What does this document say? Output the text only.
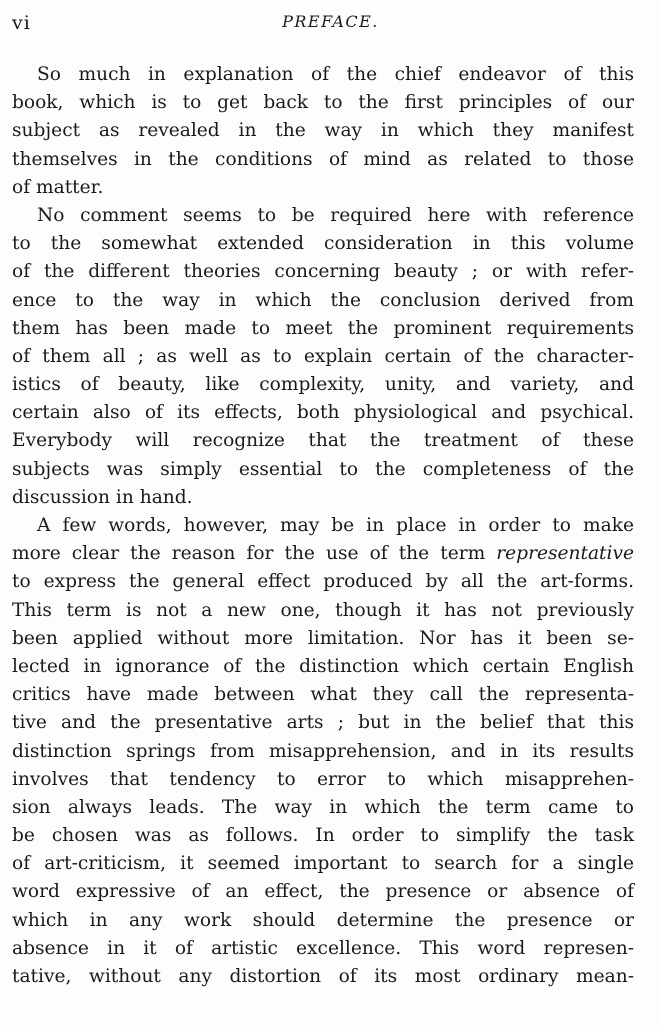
vi	PREFACE.
So much in explanation of the chief endeavor of this
book, which is to get back to the first principles of our
subject as revealed in the way in which they manifest
themselves in the conditions of mind as related to those
of matter.
No comment seems to be required here with reference
to the somewhat extended consideration in this volume
of the different theories concerning beauty ; or with refer-
ence to the way in which the conclusion derived from
them has been made to meet the prominent requirements
of them all ; as well as to explain certain of the character-
istics of beauty, like complexity, unity, and variety, and
certain also of its effects, both physiological and psychical.
Everybody will recognize that the treatment of these
subjects was simply essential to the completeness of the
discussion in hand.
A few words, however, may be in place in order to make
more clear the reason for the use of the term representative
to express the general effect produced by all the art-forms.
This term is not a new one, though it has not previously
been applied without more limitation. Nor has it been se-
lected in ignorance of the distinction which certain English
critics have made between what they call the representa-
tive and the presentative arts ; but in the belief that this
distinction springs from misapprehension, and in its results
involves that tendency to error to which misapprehen-
sion always leads. The way in which the term came to
be chosen was as follows. In order to simplify the task
of art-criticism, it seemed important to search for a single
word expressive of an effect, the presence or absence of
which in any work should determine the presence or
absence in it of artistic excellence. This word represen-
tative, without any distortion of its most ordinary mean-
